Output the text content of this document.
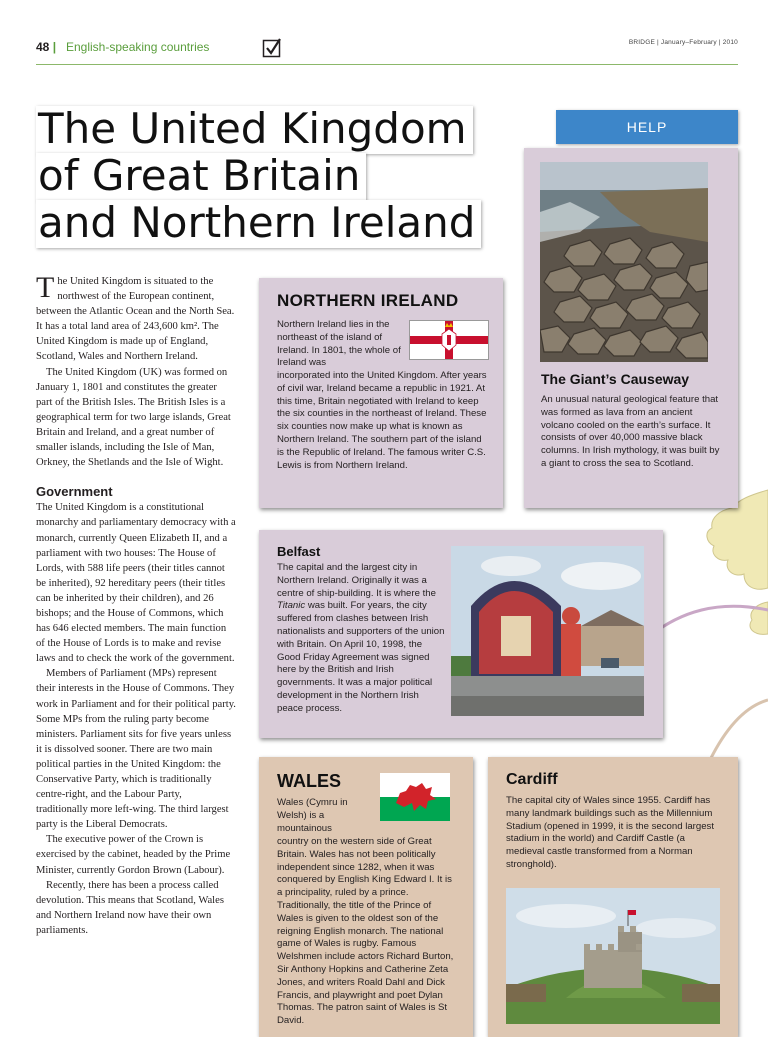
48 | English-speaking countries	BRIDGE | January–February | 2010
The United Kingdom
of Great Britain
and Northern Ireland
HELP

The United Kingdom is situated to the northwest of the European continent, between the Atlantic Ocean and the North Sea. It has a total land area of 243,600 km². The United Kingdom is made up of England, Scotland, Wales and Northern Ireland.

The United Kingdom (UK) was formed on January 1, 1801 and constitutes the greater part of the British Isles. The British Isles is a geographical term for two large islands, Great Britain and Ireland, and a great number of smaller islands, including the Isle of Man, Orkney, the Shetlands and the Isle of Wight.

Government

The United Kingdom is a constitutional monarchy and parliamentary democracy with a monarch, currently Queen Elizabeth II, and a parliament with two houses: The House of Lords, with 588 life peers (their titles cannot be inherited), 92 hereditary peers (their titles can be inherited by their children), and 26 bishops; and the House of Commons, which has 646 elected members. The main function of the House of Lords is to make and revise laws and to check the work of the government.

Members of Parliament (MPs) represent their interests in the House of Commons. They work in Parliament and for their political party. Some MPs from the ruling party become ministers. Parliament sits for five years unless it is dissolved sooner. There are two main political parties in the United Kingdom: the Conservative Party, which is traditionally centre-right, and the Labour Party, traditionally more left-wing. The third largest party is the Liberal Democrats.

The executive power of the Crown is exercised by the cabinet, headed by the Prime Minister, currently Gordon Brown (Labour).

Recently, there has been a process called devolution. This means that Scotland, Wales and Northern Ireland now have their own parliaments.

The Giant’s Causeway
An unusual natural geological feature that was formed as lava from an ancient volcano cooled on the earth’s surface. It consists of over 40,000 massive black columns. In Irish mythology, it was built by a giant to cross the sea to Scotland.
NORTHERN IRELAND
Northern Ireland lies in the northeast of the island of Ireland. In 1801, the whole of Ireland was
incorporated into the United Kingdom. After years of civil war, Ireland became a republic in 1921. At this time, Britain negotiated with Ireland to keep the six counties in the northeast of Ireland. These six counties now make up what is known as Northern Ireland. The southern part of the island is the Republic of Ireland. The famous writer C.S. Lewis is from Northern Ireland.
Belfast
The capital and the largest city in Northern Ireland. Originally it was a centre of ship-building. It is where the Titanic was built. For years, the city suffered from clashes between Irish nationalists and supporters of the union with Britain. On April 10, 1998, the Good Friday Agreement was signed here by the British and Irish governments. It was a major political development in the Northern Irish peace process.
WALES
Wales (Cymru in Welsh) is a mountainous
country on the western side of Great Britain. Wales has not been politically independent since 1282, when it was conquered by English King Edward I. It is a principality, ruled by a prince. Traditionally, the title of the Prince of Wales is given to the oldest son of the reigning English monarch. The national game of Wales is rugby. Famous Welshmen include actors Richard Burton, Sir Anthony Hopkins and Catherine Zeta Jones, and writers Roald Dahl and Dick Francis, and playwright and poet Dylan Thomas. The patron saint of Wales is St David.
Cardiff
The capital city of Wales since 1955. Cardiff has many landmark buildings such as the Millennium Stadium (opened in 1999, it is the second largest stadium in the world) and Cardiff Castle (a medieval castle transformed from a Norman stronghold).
